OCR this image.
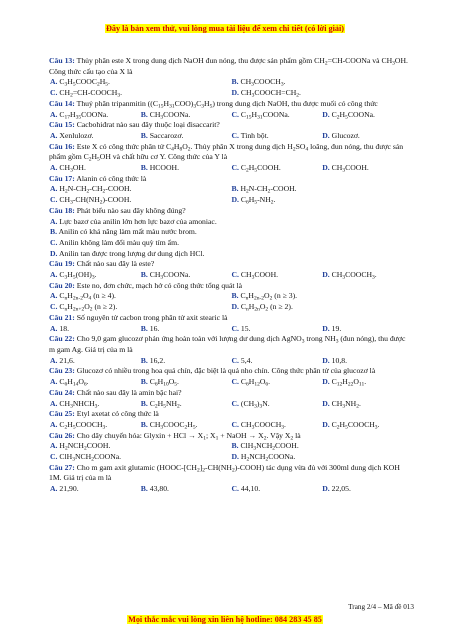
Đây là bản xem thử, vui lòng mua tài liệu để xem chi tiết (có lời giải)
Câu 13: Thủy phân este X trong dung dịch NaOH đun nóng, thu được sản phẩm gồm $CH_2=CH$-COONa và $CH_3OH$. Công thức cấu tạo của X là
A. $C_3H_5COOC_2H_5$.	B. $CH_3COOCH_3$.
C. $CH_2=CH-COOCH_3$.	D. $CH_3COOCH=CH_2$.
Câu 14: Thuỷ phân tripanmitin $((C_{15}H_{31}COO)_3C_3H_5)$ trong dung dịch NaOH, thu được muối có công thức
A. $C_{17}H_{35}COONa$.	B. $CH_3COONa$.	C. $C_{15}H_{31}COONa$.	D. $C_2H_5COONa$.
Câu 15: Cacbohiđrat nào sau đây thuộc loại đisaccarit?
A. Xenlulozơ.	B. Saccarozơ.	C. Tinh bột.	D. Glucozơ.
Câu 16: Este X có công thức phân tử $C_4H_8O_2$. Thủy phân X trong dung dịch $H_2SO_4$ loãng, đun nóng, thu được sản phẩm gồm $C_2H_5OH$ và chất hữu cơ Y. Công thức của Y là
A. $CH_3OH$.	B. HCOOH.	C. $C_2H_5COOH$.	D. $CH_3COOH$.
Câu 17: Alanin có công thức là
A. $H_2N-CH_2-CH_2$-COOH.	B. $H_2N-CH_2$-COOH.
C. $CH_3-CH(NH_2)$-COOH.	D. $C_6H_5-NH_2$.
Câu 18: Phát biểu nào sau đây không đúng?
A. Lực bazơ của anilin lớn hơn lực bazơ của amoniac.
B. Anilin có khả năng làm mất màu nước brom.
C. Anilin không làm đổi màu quỳ tím ẩm.
D. Anilin tan được trong lượng dư dung dịch HCl.
Câu 19: Chất nào sau đây là este?
A. $C_3H_5(OH)_3$.	B. $CH_3COONa$.	C. $CH_3COOH$.	D. $CH_3COOCH_3$.
Câu 20: Este no, đơn chức, mạch hở có công thức tổng quát là
A. $C_nH_{2n-2}O_4$ (n ≥ 4).	B. $C_nH_{2n-2}O_2$ (n ≥ 3).
C. $C_nH_{2n+2}O_2$ (n ≥ 2).	D. $C_nH_{2n}O_2$ (n ≥ 2).
Câu 21: Số nguyên tử cacbon trong phân tử axit stearic là
A. 18.	B. 16.	C. 15.	D. 19.
Câu 22: Cho 9,0 gam glucozơ phản ứng hoàn toàn với lượng dư dung dịch AgNO$_3$ trong $NH_3$ (đun nóng), thu được m gam Ag. Giá trị của m là
A. 21,6.	B. 16,2.	C. 5,4.	D. 10,8.
Câu 23: Glucozơ có nhiều trong hoa quả chín, đặc biệt là quả nho chín. Công thức phân tử của glucozơ là
A. $C_6H_{14}O_6$.	B. $C_6H_{10}O_5$.	C. $C_6H_{12}O_6$.	D. $C_{12}H_{22}O_{11}$.
Câu 24: Chất nào sau đây là amin bậc hai?
A. $CH_3NHCH_3$.	B. $C_2H_5NH_2$.	C. $(CH_3)_3N$.	D. $CH_3NH_2$.
Câu 25: Etyl axetat có công thức là
A. $C_2H_5COOCH_3$.	B. $CH_3COOC_2H_5$.	C. $CH_3COOCH_3$.	D. $C_2H_5COOCH_3$.
Câu 26: Cho dãy chuyển hóa: Glyxin + HCl → $X_1$; $X_1$ + NaOH → $X_2$. Vậy $X_2$ là
A. $H_2NCH_2COOH$.	B. $ClH_3NCH_2COOH$.
C. $ClH_3NCH_2COONa$.	D. $H_2NCH_2COONa$.
Câu 27: Cho m gam axit glutamic $(HOOC-[CH_2]_2-CH(NH_2)-COOH)$ tác dụng vừa đủ với 300ml dung dịch KOH 1M. Giá trị của m là
A. 21,90.	B. 43,80.	C. 44,10.	D. 22,05.
Trang 2/4 – Mã đề 013
Mọi thắc mắc vui lòng xin liên hệ hotline: 084 283 45 85
